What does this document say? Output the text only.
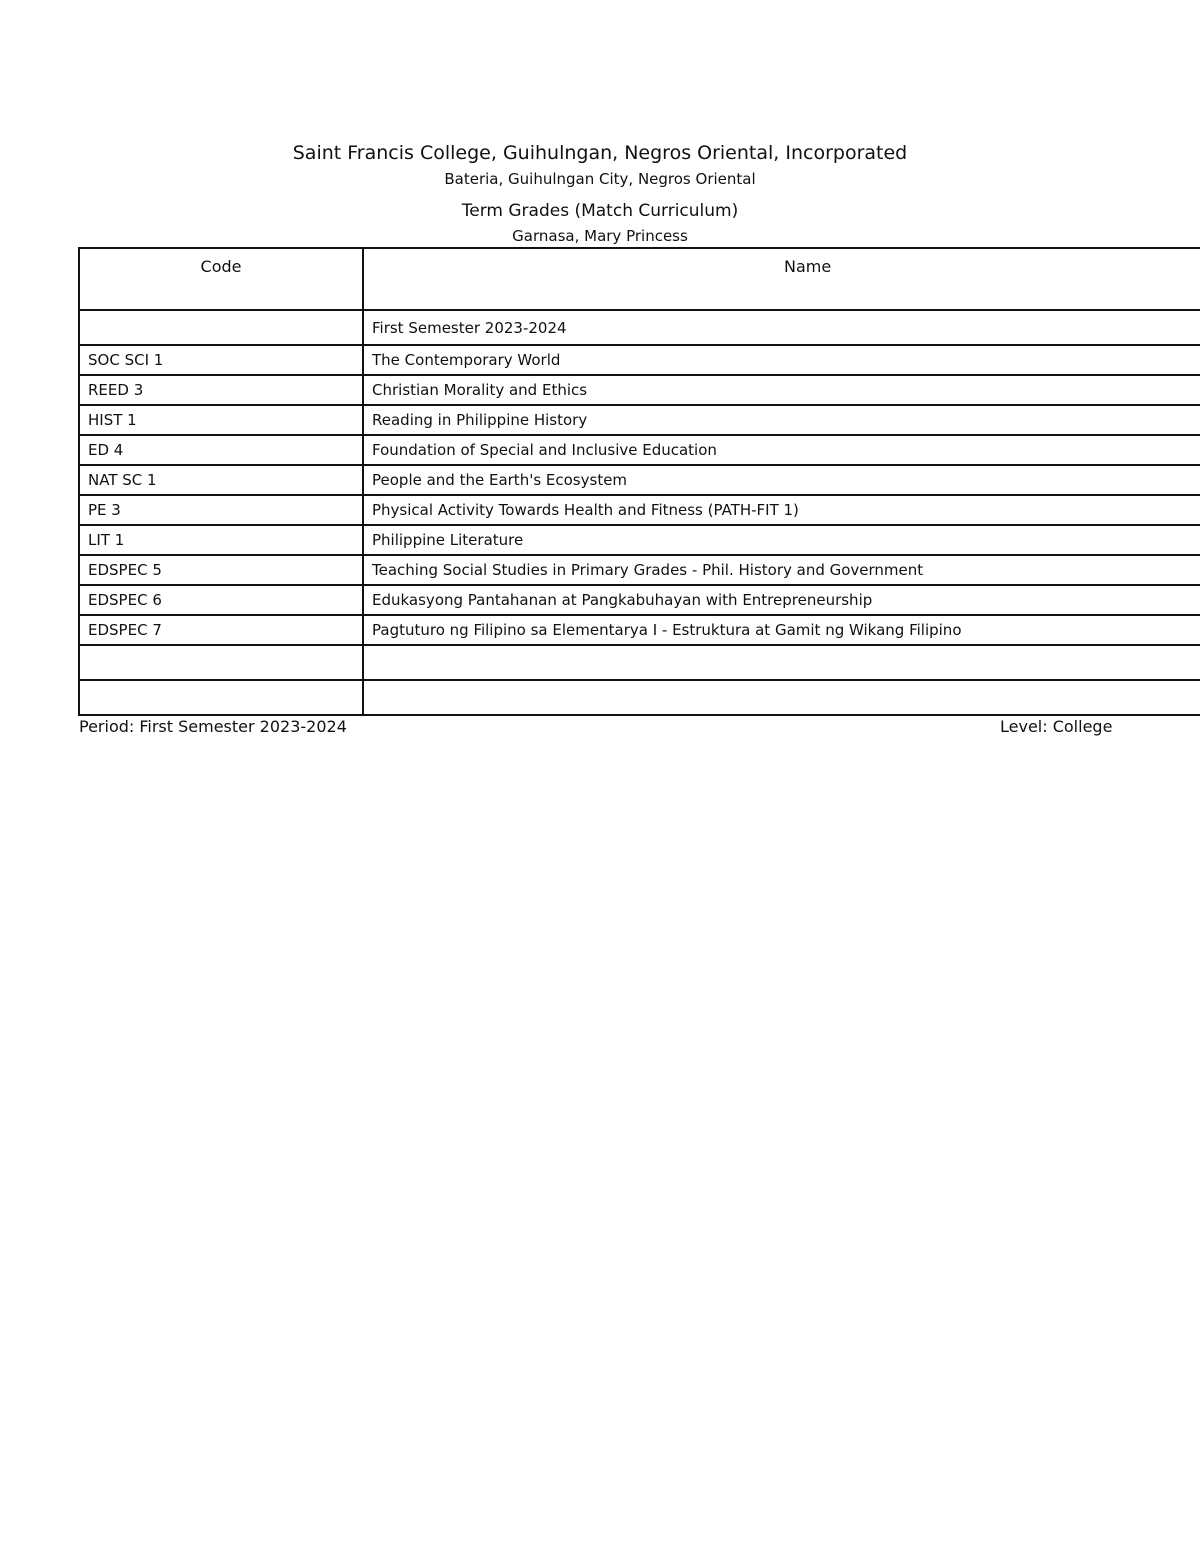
Saint Francis College, Guihulngan, Negros Oriental, Incorporated
Bateria, Guihulngan City, Negros Oriental
Term Grades (Match Curriculum)
Garnasa, Mary Princess
Code	Name
	First Semester 2023-2024
SOC SCI 1	The Contemporary World
REED 3	Christian Morality and Ethics
HIST 1	Reading in Philippine History
ED 4	Foundation of Special and Inclusive Education
NAT SC 1	People and the Earth's Ecosystem
PE 3	Physical Activity Towards Health and Fitness (PATH-FIT 1)
LIT 1	Philippine Literature
EDSPEC 5	Teaching Social Studies in Primary Grades - Phil. History and Government
EDSPEC 6	Edukasyong Pantahanan at Pangkabuhayan with Entrepreneurship
EDSPEC 7	Pagtuturo ng Filipino sa Elementarya I - Estruktura at Gamit ng Wikang Filipino

Period: First Semester 2023-2024	Level: College
